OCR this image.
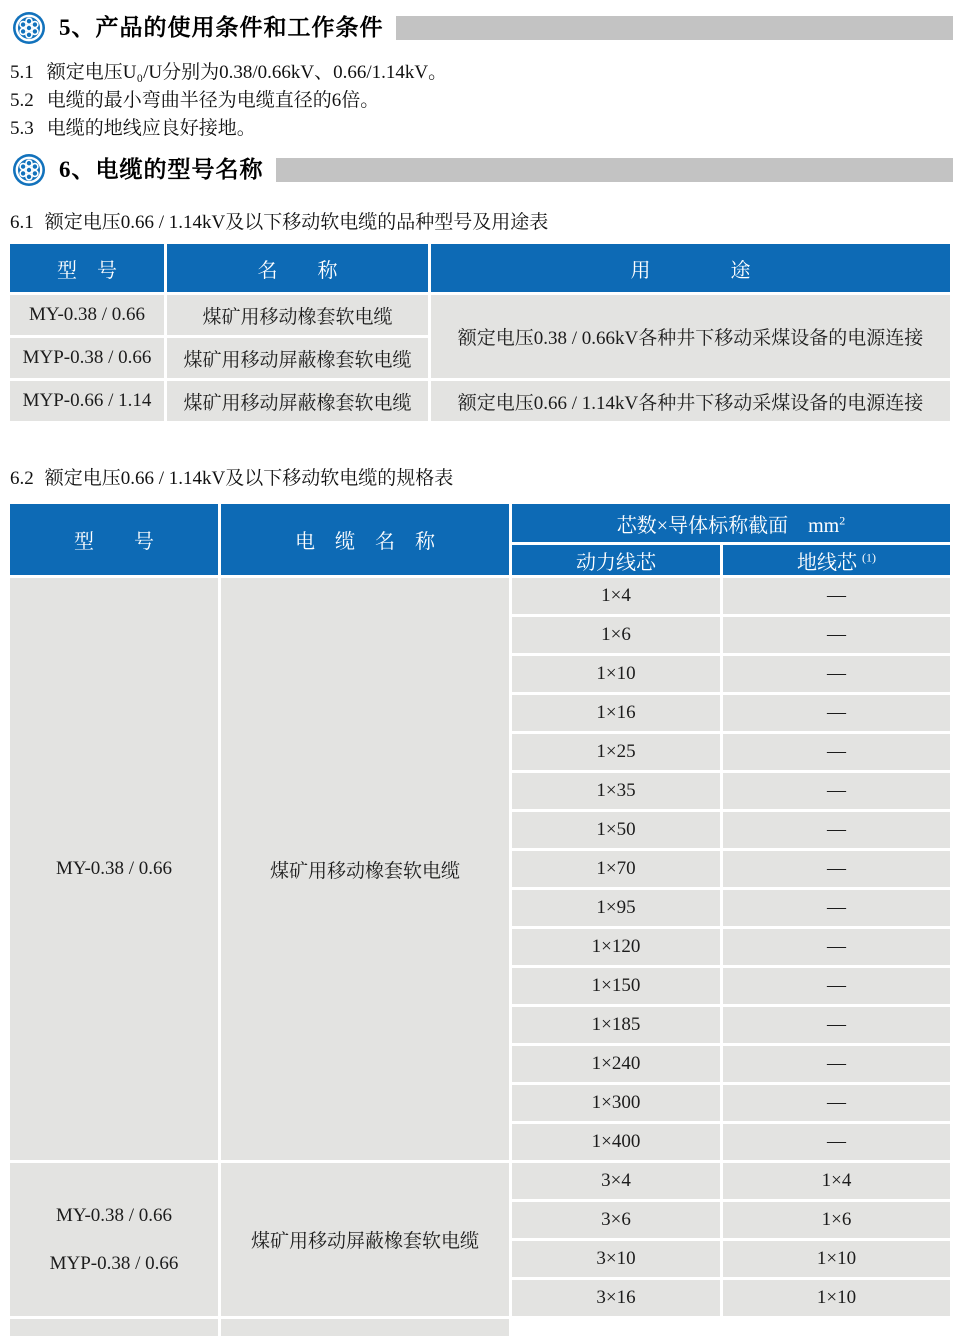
5、产品的使用条件和工作条件

5.1 额定电压U₀/U分别为0.38/0.66kV、0.66/1.14kV。

5.2 电缆的最小弯曲半径为电缆直径的6倍。

5.3 电缆的地线应良好接地。

6、电缆的型号名称

6.1 额定电压0.66 / 1.14kV及以下移动软电缆的品种型号及用途表

型　号	名　　称	用　　　　途
MY-0.38 / 0.66	煤矿用移动橡套软电缆	额定电压0.38 / 0.66kV各种井下移动采煤设备的电源连接
MYP-0.38 / 0.66	煤矿用移动屏蔽橡套软电缆	
MYP-0.66 / 1.14	煤矿用移动屏蔽橡套软电缆	额定电压0.66 / 1.14kV各种井下移动采煤设备的电源连接

6.2 额定电压0.66 / 1.14kV及以下移动软电缆的规格表

型　　号	电　缆　名　称	芯数×导体标称截面　$mm^2$
		动力线芯	地线芯 $^{(1)}$
MY-0.38 / 0.66	煤矿用移动橡套软电缆	1×4	—
		1×6	—
		1×10	—
		1×16	—
		1×25	—
		1×35	—
		1×50	—
		1×70	—
		1×95	—
		1×120	—
		1×150	—
		1×185	—
		1×240	—
		1×300	—
		1×400	—

MY-0.38 / 0.66
MYP-0.38 / 0.66	煤矿用移动屏蔽橡套软电缆	3×4	1×4
		3×6	1×6
		3×10	1×10
		3×16	1×10
